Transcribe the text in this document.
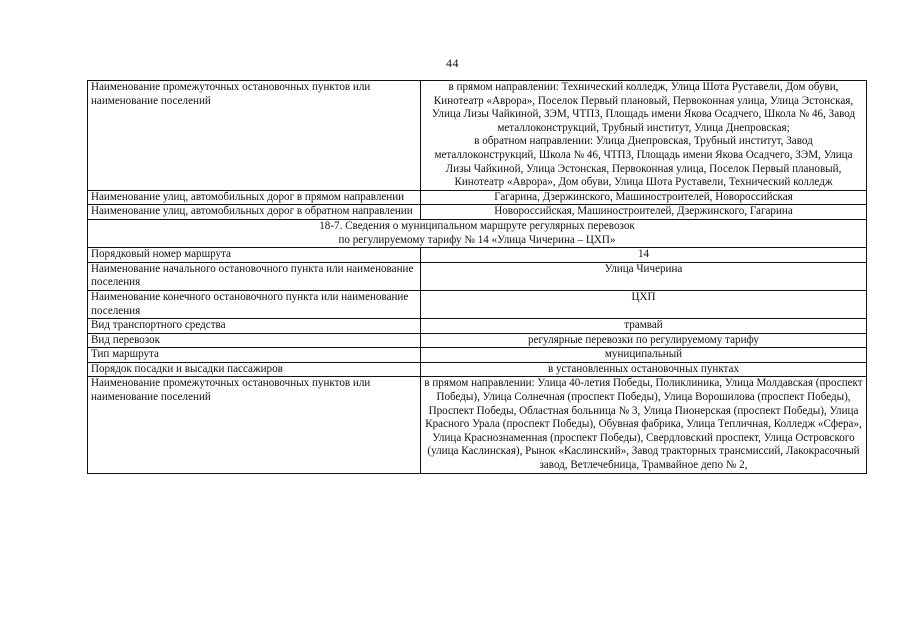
44
Наименование промежуточных остановочных пунктов или наименование поселений	в прямом направлении: Технический колледж, Улица Шота Руставели, Дом обуви, Кинотеатр «Аврора», Поселок Первый плановый, Первоконная улица, Улица Эстонская, Улица Лизы Чайкиной, ЗЭМ, ЧТПЗ, Площадь имени Якова Осадчего, Школа № 46, Завод металлоконструкций, Трубный институт, Улица Днепровская;
в обратном направлении: Улица Днепровская, Трубный институт, Завод металлоконструкций, Школа № 46, ЧТПЗ, Площадь имени Якова Осадчего, ЗЭМ, Улица Лизы Чайкиной, Улица Эстонская, Первоконная улица, Поселок Первый плановый, Кинотеатр «Аврора», Дом обуви, Улица Шота Руставели, Технический колледж

Наименование улиц, автомобильных дорог в прямом направлении	Гагарина, Дзержинского, Машиностроителей, Новороссийская
Наименование улиц, автомобильных дорог в обратном направлении	Новороссийская, Машиностроителей, Дзержинского, Гагарина

18-7. Сведения о муниципальном маршруте регулярных перевозок
по регулируемому тарифу № 14 «Улица Чичерина – ЦХП»	

Порядковый номер маршрута	14
Наименование начального остановочного пункта или наименование поселения	Улица Чичерина
Наименование конечного остановочного пункта или наименование поселения	ЦХП
Вид транспортного средства	трамвай
Вид перевозок	регулярные перевозки по регулируемому тарифу
Тип маршрута	муниципальный
Порядок посадки и высадки пассажиров	в установленных остановочных пунктах
Наименование промежуточных остановочных пунктов или наименование поселений	в прямом направлении: Улица 40-летия Победы, Поликлиника, Улица Молдавская (проспект Победы), Улица Солнечная (проспект Победы), Улица Ворошилова (проспект Победы), Проспект Победы, Областная больница № 3, Улица Пионерская (проспект Победы), Улица Красного Урала (проспект Победы), Обувная фабрика, Улица Тепличная, Колледж «Сфера», Улица Краснознаменная (проспект Победы), Свердловский проспект, Улица Островского (улица Каслинская), Рынок «Каслинский», Завод тракторных трансмиссий, Лакокрасочный завод, Ветлечебница, Трамвайное депо № 2,
